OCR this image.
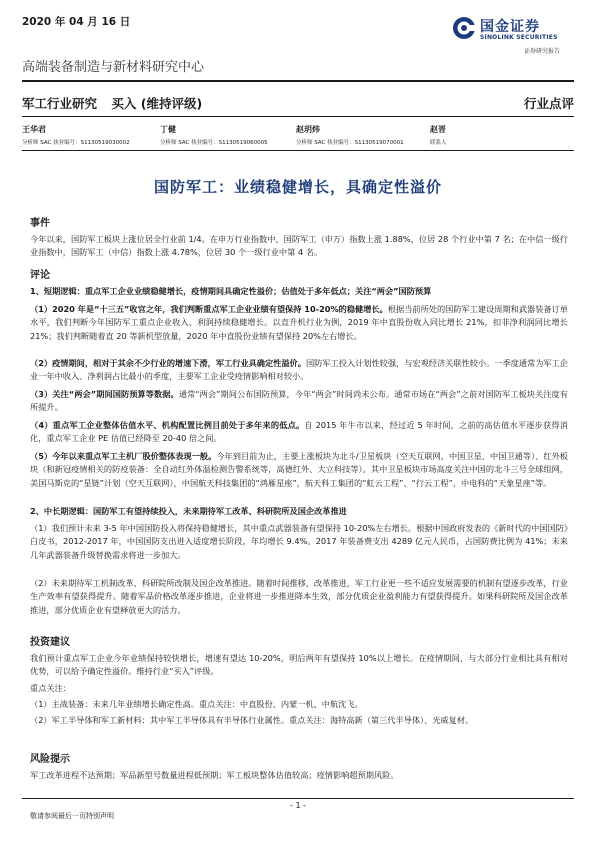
2020 年 04 月 16 日	国金证券
SINOLINK SECURITIES
证券研究报告
高端装备制造与新材料研究中心
军工行业研究 买入 (维持评级)	行业点评
王华君
分析师 SAC 执业编号：S1130519030002
丁健
分析师 SAC 执业编号：S1130519060005
赵玥炜
分析师 SAC 执业编号：S1130519070001
赵晋
联系人
国防军工：业绩稳健增长，具确定性溢价
事件
今年以来，国防军工板块上涨位居全行业前 1/4。在申万行业指数中，国防军工（申万）指数上涨 1.88%，位居 28 个行业中第 7 名；在中信一级行业指数中，国防军工（中信）指数上涨 4.78%，位居 30 个一级行业中第 4 名。
评论
1、短期逻辑：重点军工企业业绩稳健增长，疫情期间具确定性溢价；估值处于多年低点；关注“两会”国防预算
（1）2020 年是“十三五”收官之年，我们判断重点军工企业业绩有望保持 10-20%的稳健增长。根据当前所处的国防军工建设周期和武器装备订单水平，我们判断今年国防军工重点企业收入、利润持续稳健增长。以直升机行业为例，2019 年中直股份收入同比增长 21%，扣非净利润同比增长 21%；我们判断随着直 20 等新机型放量，2020 年中直股份业绩有望保持 20%左右增长。
（2）疫情期间，相对于其余不少行业的增速下滑，军工行业具确定性溢价。国防军工投入计划性较强，与宏观经济关联性较小。一季度通常为军工企业一年中收入、净利润占比最小的季度，主要军工企业受疫情影响相对较小。
（3）关注“两会”期间国防预算等数据。通常“两会”期间公布国防预算，今年“两会”时间尚未公布。通常市场在“两会”之前对国防军工板块关注度有所提升。
（4）重点军工企业整体估值水平、机构配置比例目前处于多年来的低点。自 2015 年牛市以来，经过近 5 年时间，之前的高估值水平逐步获得消化，重点军工企业 PE 估值已经降至 20-40 倍之间。
（5）今年以来重点军工主机厂股价整体表现一般。今年到目前为止，主要上涨板块为北斗/卫星板块（空天互联网，中国卫星、中国卫通等）、红外板块（和新冠疫情相关的防疫装备：全自动红外体温检测告警系统等，高德红外、大立科技等）。其中卫星板块市场高度关注中国的北斗三号全球组网，美国马斯克的“星链”计划（空天互联网），中国航天科技集团的“鸿雁星座”，航天科工集团的“虹云工程”、“行云工程”，中电科的“天象星座”等。
2、中长期逻辑：国防军工有望持续投入，未来期待军工改革、科研院所及国企改革推进
（1）我们预计未来 3-5 年中国国防投入将保持稳健增长，其中重点武器装备有望保持 10-20%左右增长。根据中国政府发表的《新时代的中国国防》白皮书，2012-2017 年，中国国防支出进入适度增长阶段，年均增长 9.4%。2017 年装备费支出 4289 亿元人民币，占国防费比例为 41%；未来几年武器装备升级替换需求将进一步加大。
（2）未来期待军工机制改革、科研院所改制及国企改革推进。随着时间推移，改革推进，军工行业更一些不适应发展需要的机制有望逐步改革，行业生产效率有望获得提升。随着军品价格改革逐步推进，企业将进一步推进降本生效，部分优质企业盈利能力有望获得提升。如果科研院所及国企改革推进，部分优质企业有望释放更大的活力。
投资建议
我们预计重点军工企业今年业绩保持较快增长，增速有望达 10-20%，明后两年有望保持 10%以上增长。在疫情期间，与大部分行业相比具有相对优势，可以给予确定性溢价。维持行业“买入”评级。
重点关注：
（1）主战装备：未来几年业绩增长确定性高。重点关注：中直股份、内蒙一机、中航沈飞。
（2）军工半导体和军工新材料：其中军工半导体具有半导体行业属性。重点关注：海特高新（第三代半导体）、光威复材。
风险提示
军工改革进程不达预期；军品新型号数量进程低预期；军工板块整体估值较高；疫情影响超预期风险。
- 1 -
敬请参阅最后一页特别声明
